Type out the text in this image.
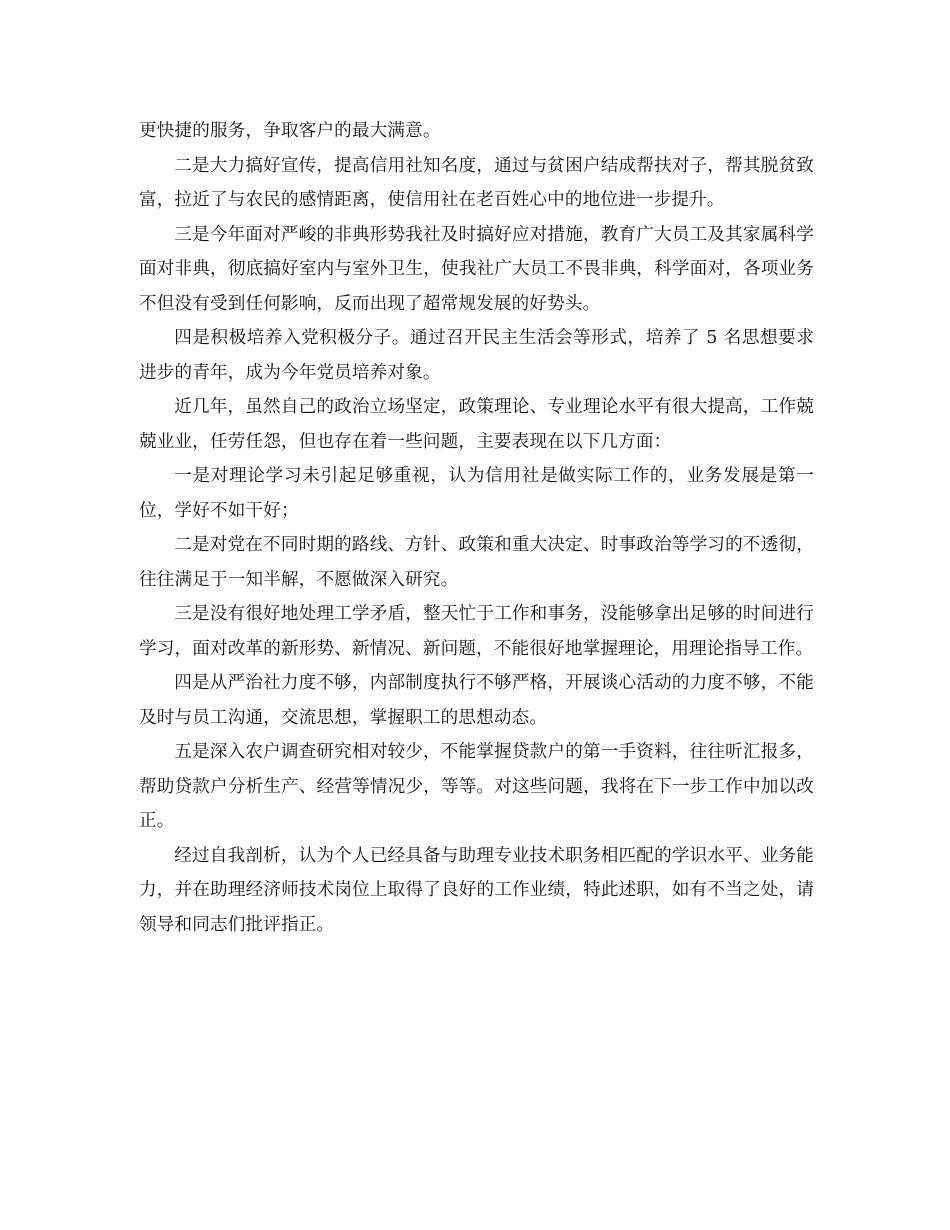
更快捷的服务，争取客户的最大满意。

二是大力搞好宣传，提高信用社知名度，通过与贫困户结成帮扶对子，帮其脱贫致富，拉近了与农民的感情距离，使信用社在老百姓心中的地位进一步提升。

三是今年面对严峻的非典形势我社及时搞好应对措施，教育广大员工及其家属科学面对非典，彻底搞好室内与室外卫生，使我社广大员工不畏非典，科学面对，各项业务不但没有受到任何影响，反而出现了超常规发展的好势头。

四是积极培养入党积极分子。通过召开民主生活会等形式，培养了 5 名思想要求进步的青年，成为今年党员培养对象。

近几年，虽然自己的政治立场坚定，政策理论、专业理论水平有很大提高，工作兢兢业业，任劳任怨，但也存在着一些问题，主要表现在以下几方面：

一是对理论学习未引起足够重视，认为信用社是做实际工作的，业务发展是第一位，学好不如干好；

二是对党在不同时期的路线、方针、政策和重大决定、时事政治等学习的不透彻，往往满足于一知半解，不愿做深入研究。

三是没有很好地处理工学矛盾，整天忙于工作和事务，没能够拿出足够的时间进行学习，面对改革的新形势、新情况、新问题，不能很好地掌握理论，用理论指导工作。

四是从严治社力度不够，内部制度执行不够严格，开展谈心活动的力度不够，不能及时与员工沟通，交流思想，掌握职工的思想动态。

五是深入农户调查研究相对较少，不能掌握贷款户的第一手资料，往往听汇报多，帮助贷款户分析生产、经营等情况少，等等。对这些问题，我将在下一步工作中加以改正。

经过自我剖析，认为个人已经具备与助理专业技术职务相匹配的学识水平、业务能力，并在助理经济师技术岗位上取得了良好的工作业绩，特此述职，如有不当之处，请领导和同志们批评指正。
